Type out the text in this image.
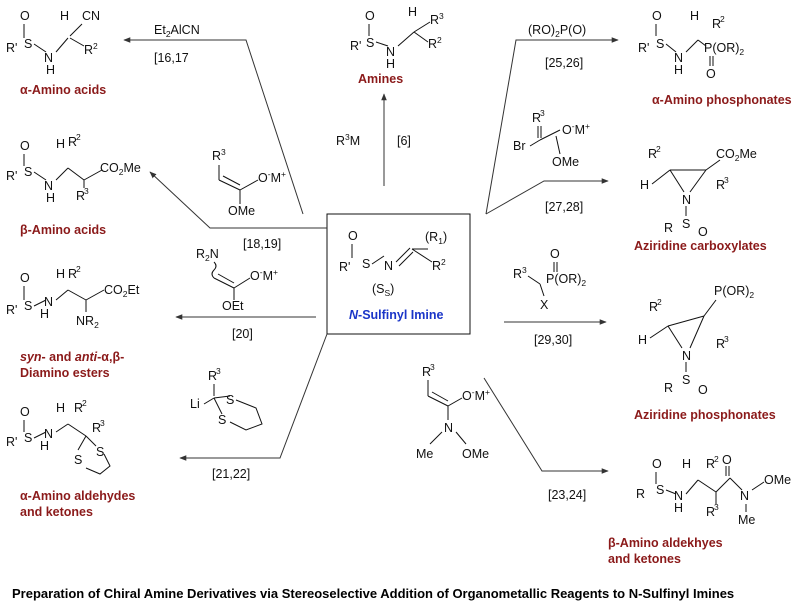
O
R' S N
$(R_1)$
$R^2$
$(S_S)$
N-Sulfinyl Imine
$R^3M$	[6]
O
R' S
N
H
H
$R^3$
$R^2$
Amines
$Et_2AlCN$
[16,17
O
R' S
N
H
H CN
$R^2$
α-Amino acids
[18,19]
$R^3$
O-M+
OMe
O
R' S
N
H
H R
2
$CO_2Me$
R
3
β-Amino acids
[20]
$R_2N$
O-M+
OEt
O
R' S N
H
H R
2
$CO_2Et$
$NR_2$
syn- and anti-α,β-
Diamino esters
[21,22]
R
3
Li S
S
O
R' S N
H
H R
2
R
3
S
S
α-Amino aldehydes
and ketones
$(RO)_2P(O)$
[25,26]
O
R' S
N
H
H
R
2
$P(OR)_2$
O
α-Amino phosphonates
[27,28]
R
3
Br
O-M+
OMe
R
2
H
N
$CO_2Me$
R
3
S
R O
Aziridine carboxylates
[29,30]
O
$R^3$
$P(OR)_2$
X	R
2
H
N
$P(OR)_2$
R
3
S
R O
Aziridine phosphonates
[23,24]
R
3
O-M+
N
Me OMe
O
R S N
H
H R
2 O
N
OMe
Me
R
3
β-Amino aldekhyes
and ketones
Preparation of Chiral Amine Derivatives via Stereoselective Addition of Organometallic Reagents to N-Sulfinyl Imines
